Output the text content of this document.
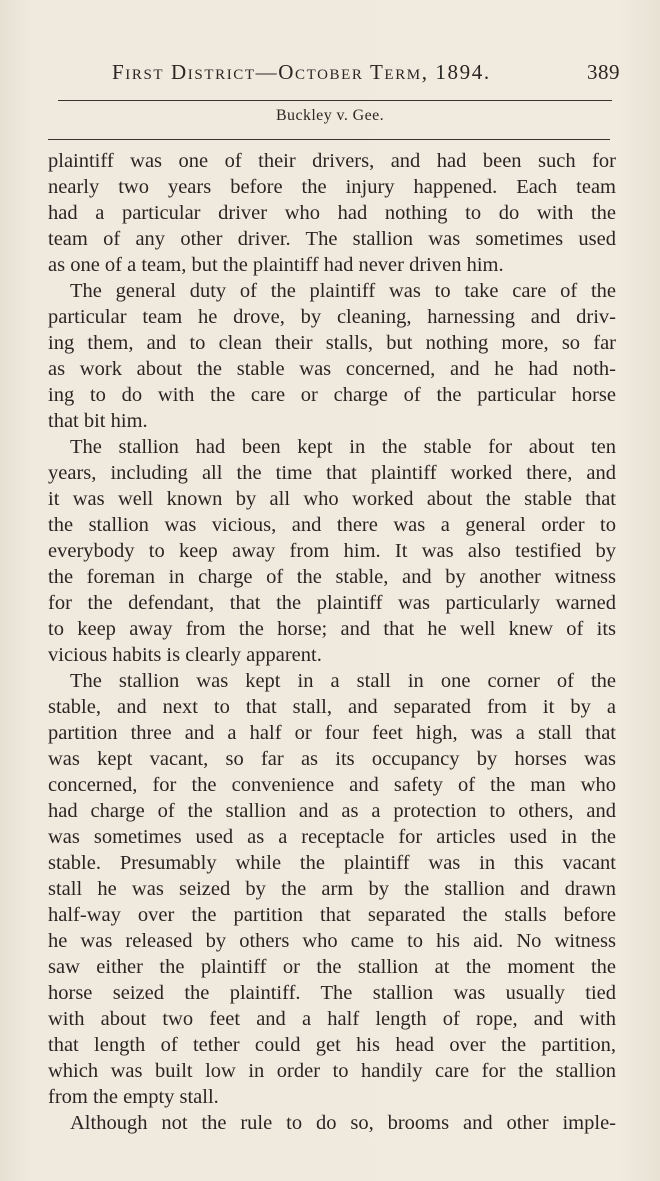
First District—October Term, 1894.	389
Buckley v. Gee.
plaintiff was one of their drivers, and had been such for
nearly two years before the injury happened. Each team
had a particular driver who had nothing to do with the
team of any other driver. The stallion was sometimes used
as one of a team, but the plaintiff had never driven him.
The general duty of the plaintiff was to take care of the
particular team he drove, by cleaning, harnessing and driv-
ing them, and to clean their stalls, but nothing more, so far
as work about the stable was concerned, and he had noth-
ing to do with the care or charge of the particular horse
that bit him.
The stallion had been kept in the stable for about ten
years, including all the time that plaintiff worked there, and
it was well known by all who worked about the stable that
the stallion was vicious, and there was a general order to
everybody to keep away from him. It was also testified by
the foreman in charge of the stable, and by another witness
for the defendant, that the plaintiff was particularly warned
to keep away from the horse; and that he well knew of its
vicious habits is clearly apparent.
The stallion was kept in a stall in one corner of the
stable, and next to that stall, and separated from it by a
partition three and a half or four feet high, was a stall that
was kept vacant, so far as its occupancy by horses was
concerned, for the convenience and safety of the man who
had charge of the stallion and as a protection to others, and
was sometimes used as a receptacle for articles used in the
stable. Presumably while the plaintiff was in this vacant
stall he was seized by the arm by the stallion and drawn
half-way over the partition that separated the stalls before
he was released by others who came to his aid. No witness
saw either the plaintiff or the stallion at the moment the
horse seized the plaintiff. The stallion was usually tied
with about two feet and a half length of rope, and with
that length of tether could get his head over the partition,
which was built low in order to handily care for the stallion
from the empty stall.
Although not the rule to do so, brooms and other imple-
